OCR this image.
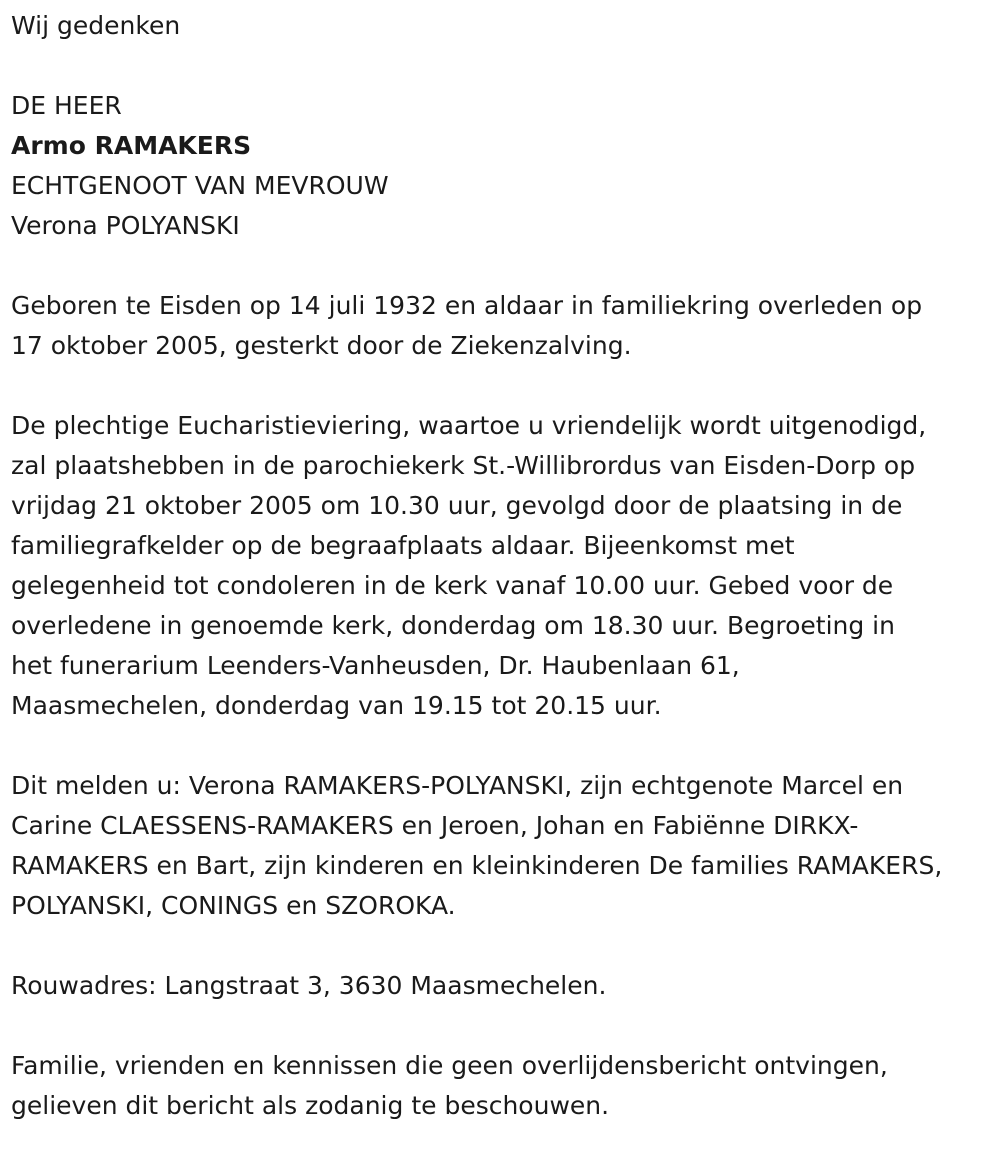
Wij gedenken
DE HEER
Armo RAMAKERS
ECHTGENOOT VAN MEVROUW
Verona POLYANSKI
Geboren te Eisden op 14 juli 1932 en aldaar in familiekring overleden op
17 oktober 2005, gesterkt door de Ziekenzalving.
De plechtige Eucharistieviering, waartoe u vriendelijk wordt uitgenodigd,
zal plaatshebben in de parochiekerk St.-Willibrordus van Eisden-Dorp op
vrijdag 21 oktober 2005 om 10.30 uur, gevolgd door de plaatsing in de
familiegrafkelder op de begraafplaats aldaar. Bijeenkomst met
gelegenheid tot condoleren in de kerk vanaf 10.00 uur. Gebed voor de
overledene in genoemde kerk, donderdag om 18.30 uur. Begroeting in
het funerarium Leenders-Vanheusden, Dr. Haubenlaan 61,
Maasmechelen, donderdag van 19.15 tot 20.15 uur.
Dit melden u: Verona RAMAKERS-POLYANSKI, zijn echtgenote Marcel en
Carine CLAESSENS-RAMAKERS en Jeroen, Johan en Fabiënne DIRKX-
RAMAKERS en Bart, zijn kinderen en kleinkinderen De families RAMAKERS,
POLYANSKI, CONINGS en SZOROKA.
Rouwadres: Langstraat 3, 3630 Maasmechelen.
Familie, vrienden en kennissen die geen overlijdensbericht ontvingen,
gelieven dit bericht als zodanig te beschouwen.
